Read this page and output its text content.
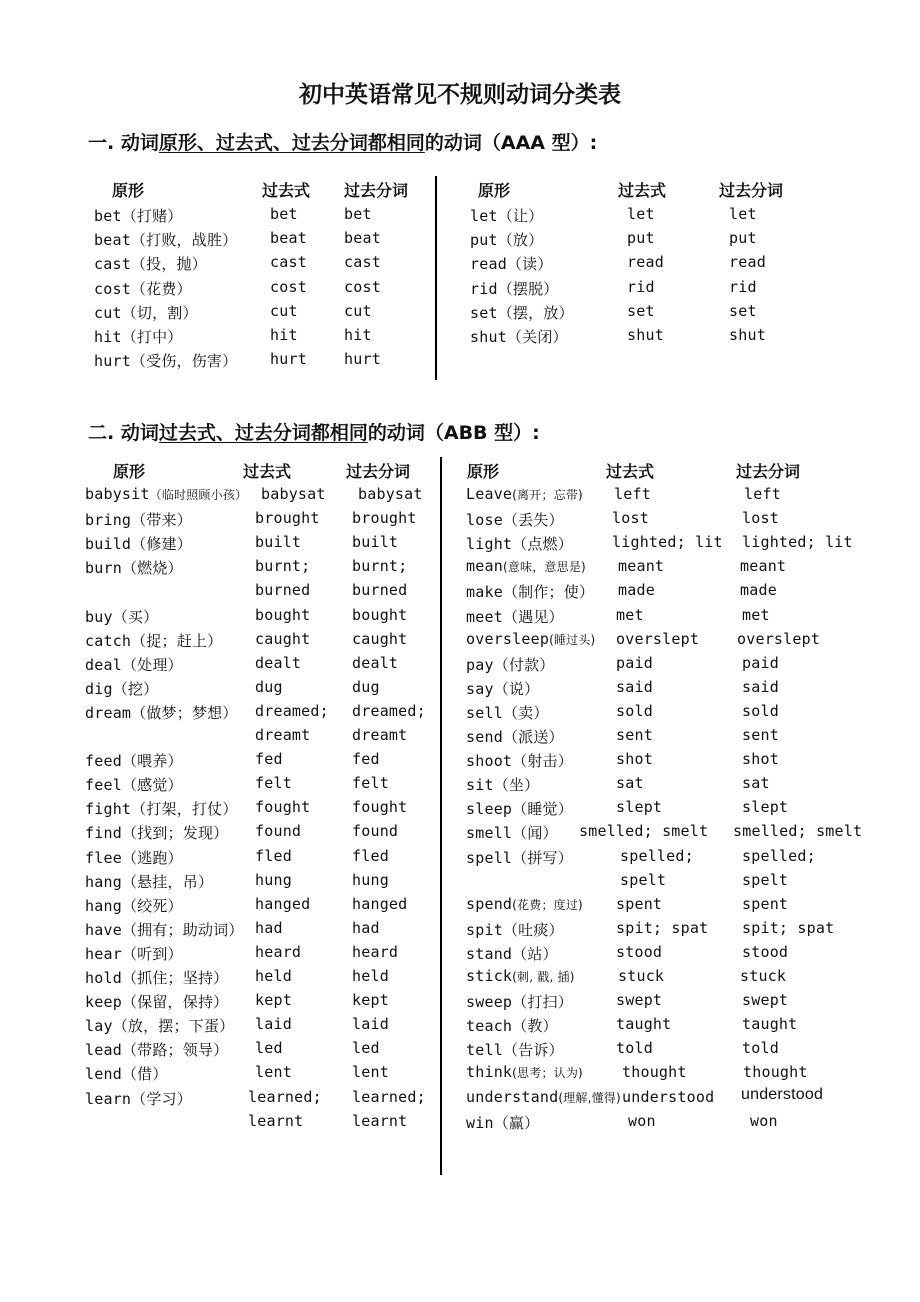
初中英语常见不规则动词分类表
一. 动词原形、过去式、过去分词都相同的动词（AAA 型）:
原形	过去式 过去分词	原形	过去式	过去分词
bet（打赌）	bet	bet
beat（打败，战胜） beat beat
cast（投，抛）	cast cast
cost（花费）	cost cost
cut（切，割）	cut	cut
hit（打中）	hit	hit
hurt（受伤，伤害） hurt hurt
let（让）	let	let
put（放）	put	put
read（读）	read	read
rid（摆脱）	rid	rid
set（摆，放）	set	set
shut（关闭）	shut	shut
二. 动词过去式、过去分词都相同的动词（ABB 型）:
原形	过去式	过去分词	原形	过去式	过去分词
babysit（临时照顾小孩） babysat babysat
bring（带来）	brought brought
build（修建）	built	built
burn（燃烧）	burnt;	burnt;
burned	burned
buy（买）	bought	bought
catch（捉；赶上） caught	caught
deal（处理）	dealt	dealt
dig（挖）	dug	dug
dream（做梦；梦想） dreamed; dreamed;
dreamt	dreamt
feed（喂养）	fed	fed
feel（感觉）	felt	felt
fight（打架，打仗） fought	fought
find（找到；发现） found	found
flee（逃跑）	fled	fled
hang（悬挂，吊）	hung	hung
hang（绞死）	hanged	hanged
have（拥有；助动词） had	had
hear（听到）	heard	heard
hold（抓住；坚持） held	held
keep（保留，保持） kept	kept
lay（放，摆；下蛋） laid	laid
lead（带路；领导） led	led
lend（借）	lent	lent
learn（学习）	learned; learned;
learnt	learnt
Leave(离开；忘带) left	left
lose（丢失）	lost	lost
light（点燃）	lighted; lit lighted; lit
mean(意味，意思是) meant	meant
make（制作；使） made	made
meet（遇见）	met	met
oversleep(睡过头) overslept	overslept
pay（付款）	paid	paid
say（说）	said	said
sell（卖）	sold	sold
send（派送）	sent	sent
shoot（射击）	shot	shot
sit（坐）	sat	sat
sleep（睡觉）	slept	slept
smell（闻） smelled; smelt smelled; smelt
spell（拼写）	spelled;	spelled;
spelt	spelt
spend(花费；度过) spent	spent
spit（吐痰）	spit; spat spit; spat
stand（站）	stood	stood
stick(刺, 戳, 插)	stuck	stuck
sweep（打扫）	swept	swept
teach（教）	taught	taught
tell（告诉）	told	told
think(思考；认为)	thought	thought
understand(理解,懂得) understood understood
win（赢）	won	won
